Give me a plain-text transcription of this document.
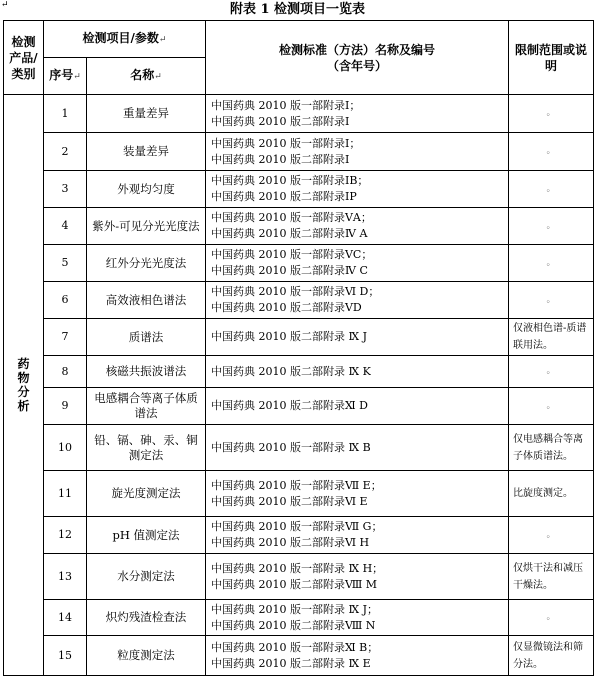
↵	附表 1 检测项目一览表
检测产品/类别	检测项目/参数↵		检测标准（方法）名称及编号（含年号）	限制范围或说明
	序号↵	名称↵		
药物分析	1	重量差异	中国药典 2010 版一部附录Ⅰ；
中国药典 2010 版二部附录Ⅰ	。
	2	装量差异	中国药典 2010 版一部附录Ⅰ；
中国药典 2010 版二部附录Ⅰ	。
	3	外观均匀度	中国药典 2010 版一部附录ⅠB；
中国药典 2010 版二部附录ⅠP	。
	4	紫外-可见分光光度法	中国药典 2010 版一部附录ⅤA；
中国药典 2010 版二部附录Ⅳ A	。
	5	红外分光光度法	中国药典 2010 版一部附录ⅤC；
中国药典 2010 版二部附录Ⅳ C	。
	6	高效液相色谱法	中国药典 2010 版一部附录Ⅵ D；
中国药典 2010 版二部附录ⅤD	。
	7	质谱法	中国药典 2010 版二部附录 Ⅸ J	仅液相色谱-质谱联用法。
	8	核磁共振波谱法	中国药典 2010 版二部附录 Ⅸ K	。
	9	电感耦合等离子体质谱法	中国药典 2010 版二部附录Ⅺ D	。
	10	铅、镉、砷、汞、铜测定法	中国药典 2010 版一部附录 Ⅸ B	仅电感耦合等离子体质谱法。
	11	旋光度测定法	中国药典 2010 版一部附录Ⅶ E；
中国药典 2010 版二部附录Ⅵ E	比旋度测定。
	12	pH 值测定法	中国药典 2010 版一部附录Ⅶ G；
中国药典 2010 版二部附录Ⅵ H	。
	13	水分测定法	中国药典 2010 版一部附录 Ⅸ H；
中国药典 2010 版二部附录Ⅷ M	仅烘干法和减压干燥法。
	14	炽灼残渣检查法	中国药典 2010 版一部附录 Ⅸ J；
中国药典 2010 版二部附录Ⅷ N	。
	15	粒度测定法	中国药典 2010 版一部附录Ⅺ B；
中国药典 2010 版二部附录 Ⅸ E	仅显微镜法和筛分法。
